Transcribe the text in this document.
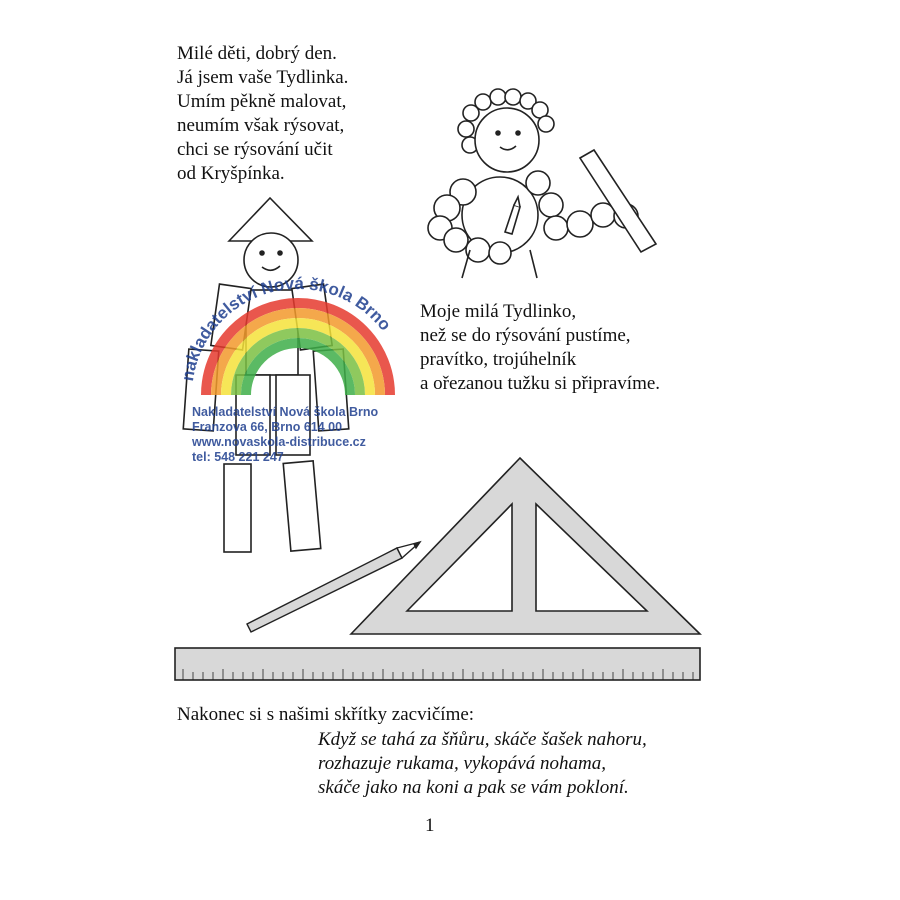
nakladatelství Nová škola Brno
Nakladatelství Nová škola Brno
Franzova 66, Brno 614 00
www.novaskola-distribuce.cz
tel: 548 221 247
Milé děti, dobrý den.
Já jsem vaše Tydlinka.
Umím pěkně malovat,
neumím však rýsovat,
chci se rýsování učit
od Kryšpínka.
Moje milá Tydlinko,
než se do rýsování pustíme,
pravítko, trojúhelník
a ořezanou tužku si připravíme.
Nakonec si s našimi skřítky zacvičíme:
Když se tahá za šňůru, skáče šašek nahoru,
rozhazuje rukama, vykopává nohama,
skáče jako na koni a pak se vám pokloní.
1
